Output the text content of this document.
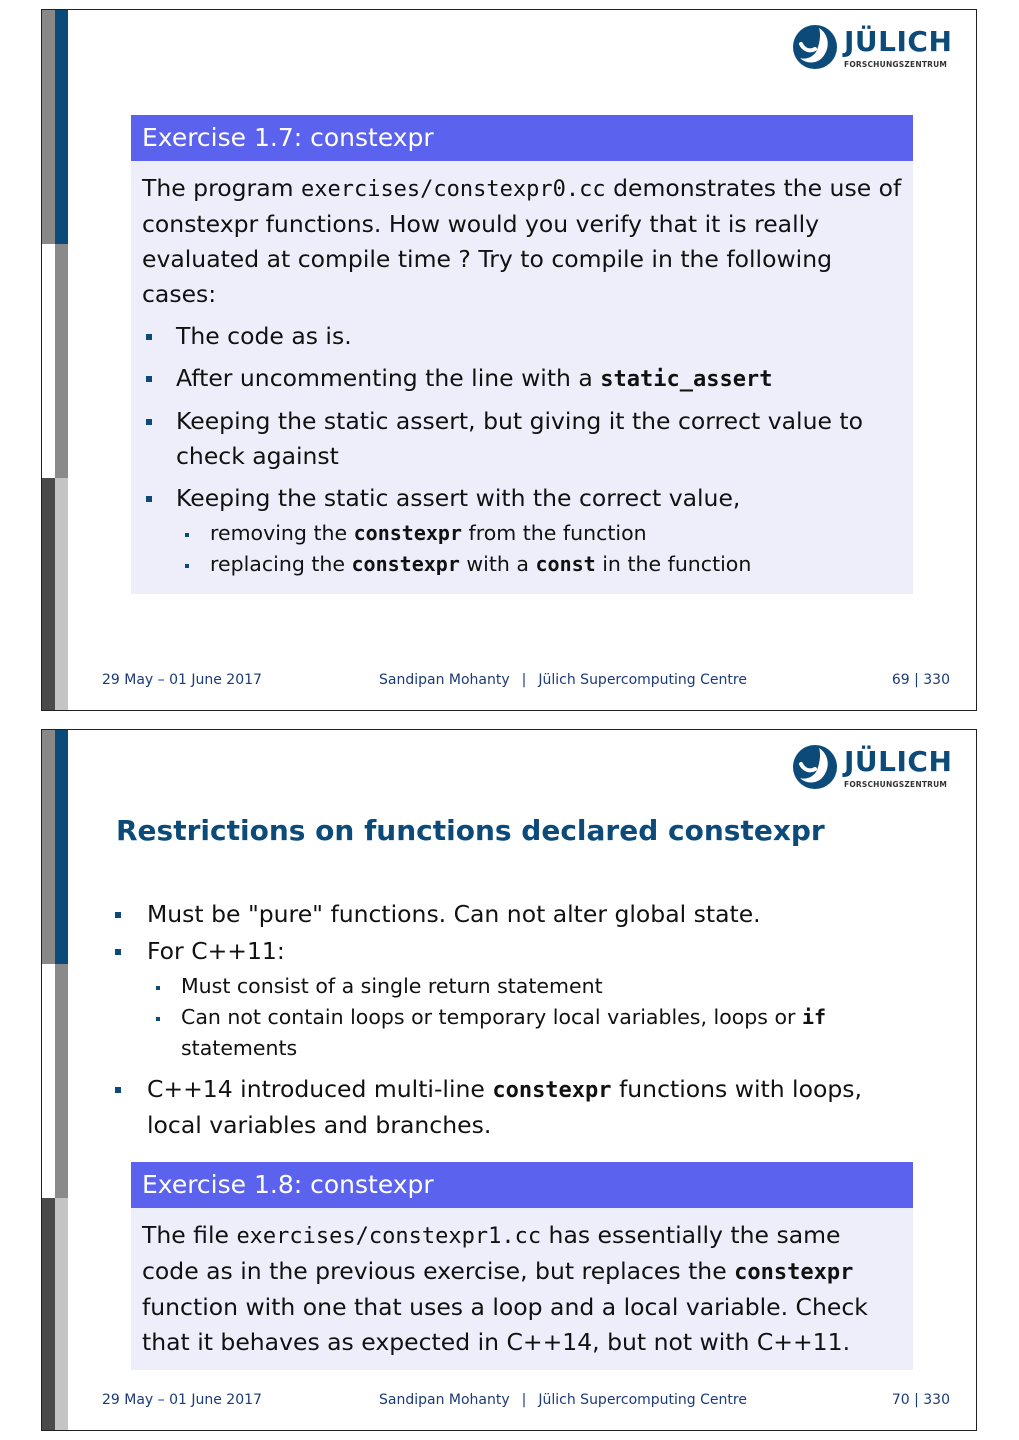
JÜLICH
FORSCHUNGSZENTRUM
Exercise 1.7: constexpr
The program exercises/constexpr0.cc demonstrates the use of constexpr functions. How would you verify that it is really evaluated at compile time ? Try to compile in the following cases:
The code as is.
After uncommenting the line with a static_assert
Keeping the static assert, but giving it the correct value to check against
Keeping the static assert with the correct value,
removing the constexpr from the function
replacing the constexpr with a const in the function
29 May – 01 June 2017	Sandipan Mohanty | Jülich Supercomputing Centre	69 | 330
JÜLICH
FORSCHUNGSZENTRUM
Restrictions on functions declared constexpr
Must be "pure" functions. Can not alter global state.
For C++11:
Must consist of a single return statement
Can not contain loops or temporary local variables, loops or if statements
C++14 introduced multi-line constexpr functions with loops, local variables and branches.
Exercise 1.8: constexpr
The file exercises/constexpr1.cc has essentially the same code as in the previous exercise, but replaces the constexpr function with one that uses a loop and a local variable. Check that it behaves as expected in C++14, but not with C++11.
29 May – 01 June 2017	Sandipan Mohanty | Jülich Supercomputing Centre	70 | 330
